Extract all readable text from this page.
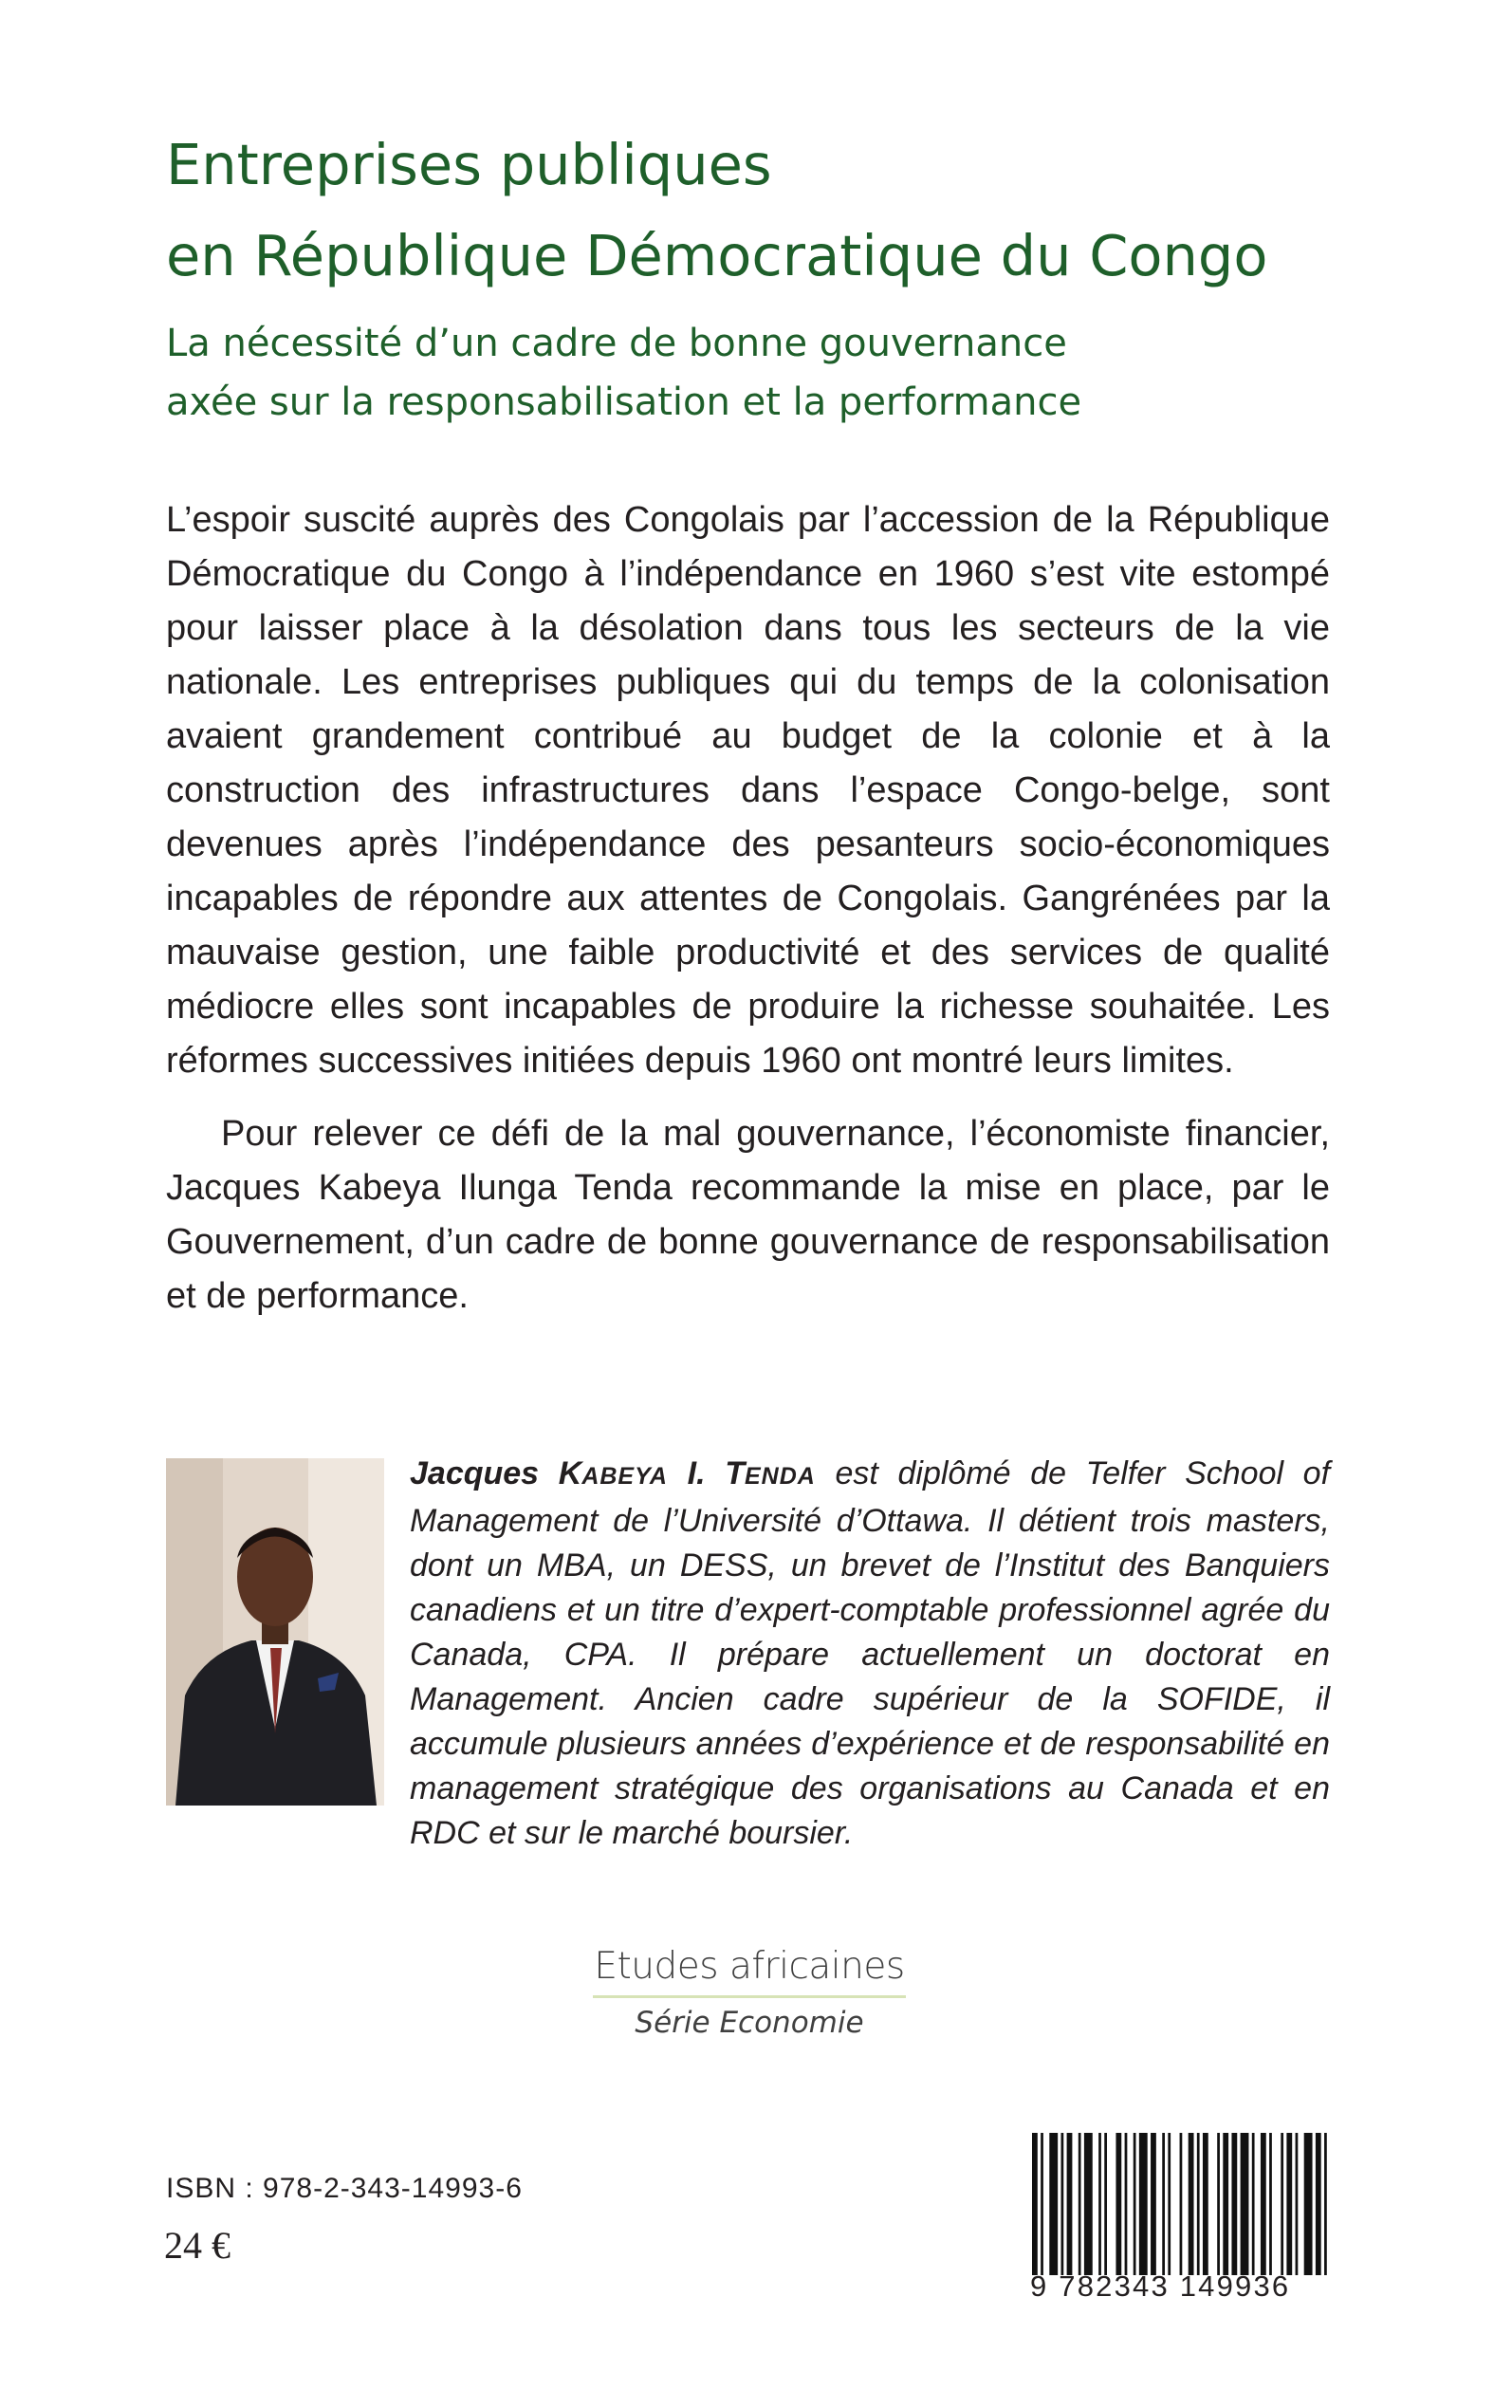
Entreprises publiques
en République Démocratique du Congo
La nécessité d’un cadre de bonne gouvernance
axée sur la responsabilisation et la performance

L’espoir suscité auprès des Congolais par l’accession de la République Démocratique du Congo à l’indépendance en 1960 s’est vite estompé pour laisser place à la désolation dans tous les secteurs de la vie nationale. Les entreprises publiques qui du temps de la colonisation avaient grandement contribué au budget de la colonie et à la construction des infrastructures dans l’espace Congo-belge, sont devenues après l’indépendance des pesanteurs socio-économiques incapables de répondre aux attentes de Congolais. Gangrénées par la mauvaise gestion, une faible productivité et des services de qualité médiocre elles sont incapables de produire la richesse souhaitée. Les réformes successives initiées depuis 1960 ont montré leurs limites.

Pour relever ce défi de la mal gouvernance, l’économiste financier, Jacques Kabeya Ilunga Tenda recommande la mise en place, par le Gouvernement, d’un cadre de bonne gouvernance de responsabilisation et de performance.

Jacques KABEYA I. TENDA est diplômé de Telfer School of Management de l’Université d’Ottawa. Il détient trois masters, dont un MBA, un DESS, un brevet de l’Institut des Banquiers canadiens et un titre d’expert-comptable professionnel agrée du Canada, CPA. Il prépare actuellement un doctorat en Management. Ancien cadre supérieur de la SOFIDE, il accumule plusieurs années d’expérience et de responsabilité en management stratégique des organisations au Canada et en RDC et sur le marché boursier.

Etudes africaines
Série Economie
ISBN : 978-2-343-14993-6
24 €
9 782343 149936
